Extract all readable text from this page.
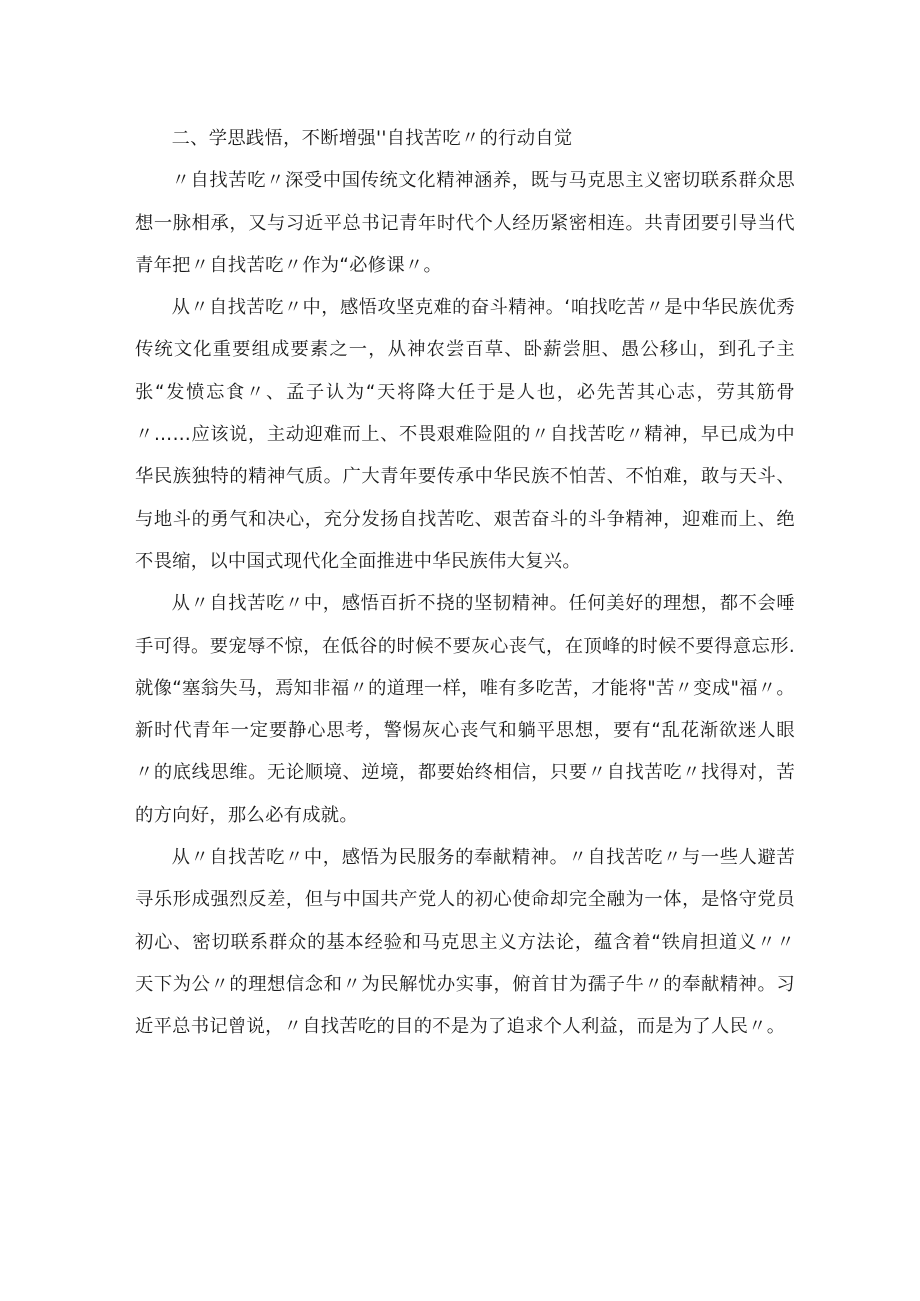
二、学思践悟，不断增强''自找苦吃〃的行动自觉

〃自找苦吃〃深受中国传统文化精神涵养，既与马克思主义密切联系群众思想一脉相承，又与习近平总书记青年时代个人经历紧密相连。共青团要引导当代青年把〃自找苦吃〃作为“必修课〃。

从〃自找苦吃〃中，感悟攻坚克难的奋斗精神。‘咱找吃苦〃是中华民族优秀传统文化重要组成要素之一，从神农尝百草、卧薪尝胆、愚公移山，到孔子主张“发愤忘食〃、孟子认为“天将降大任于是人也，必先苦其心志，劳其筋骨〃……应该说，主动迎难而上、不畏艰难险阻的〃自找苦吃〃精神，早已成为中华民族独特的精神气质。广大青年要传承中华民族不怕苦、不怕难，敢与天斗、与地斗的勇气和决心，充分发扬自找苦吃、艰苦奋斗的斗争精神，迎难而上、绝不畏缩，以中国式现代化全面推进中华民族伟大复兴。

从〃自找苦吃〃中，感悟百折不挠的坚韧精神。任何美好的理想，都不会唾手可得。要宠辱不惊，在低谷的时候不要灰心丧气，在顶峰的时候不要得意忘形.就像“塞翁失马，焉知非福〃的道理一样，唯有多吃苦，才能将"苦〃变成"福〃。新时代青年一定要静心思考，警惕灰心丧气和躺平思想，要有“乱花渐欲迷人眼〃的底线思维。无论顺境、逆境，都要始终相信，只要〃自找苦吃〃找得对，苦的方向好，那么必有成就。

从〃自找苦吃〃中，感悟为民服务的奉献精神。〃自找苦吃〃与一些人避苦寻乐形成强烈反差，但与中国共产党人的初心使命却完全融为一体，是恪守党员初心、密切联系群众的基本经验和马克思主义方法论，蕴含着“铁肩担道义〃〃天下为公〃的理想信念和〃为民解忧办实事，俯首甘为孺子牛〃的奉献精神。习近平总书记曾说，〃自找苦吃的目的不是为了追求个人利益，而是为了人民〃。
